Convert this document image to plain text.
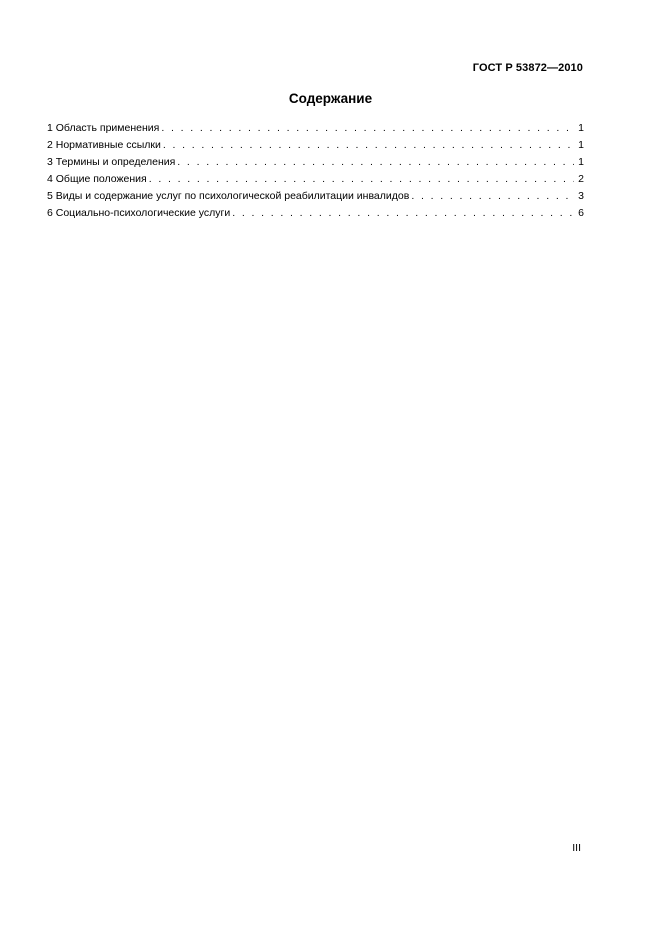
ГОСТ Р 53872—2010
Содержание
1 Область применения . . .	1
2 Нормативные ссылки . . .	1
3 Термины и определения . . .	1
4 Общие положения . . .	2
5 Виды и содержание услуг по психологической реабилитации инвалидов . . .	3
6 Социально-психологические услуги . . .	6
III
